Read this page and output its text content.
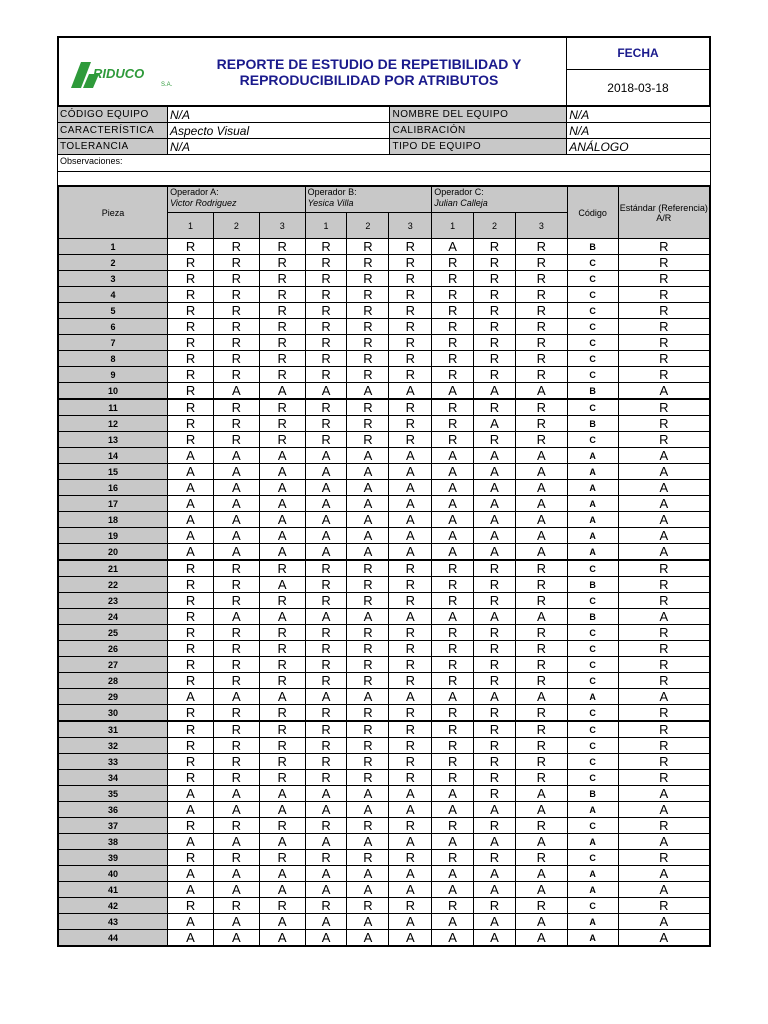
RIDUCO
S.A.
REPORTE DE ESTUDIO DE REPETIBILIDAD Y
REPRODUCIBILIDAD POR ATRIBUTOS
FECHA
2018-03-18
CÓDIGO EQUIPO	N/A	NOMBRE DEL EQUIPO	N/A
CARACTERÍSTICA	Aspecto Visual	CALIBRACIÓN	N/A
TOLERANCIA	N/A	TIPO DE EQUIPO	ANÁLOGO
Observaciones:
Pieza	Operador A:
Victor Rodriguez			Operador B:
Yesica Villa			Operador C:
Julian Calleja			Código	Estándar (Referencia) A/R
	1	2	3	1	2	3	1	2	3		
1	R	R	R	R	R	R	A	R	R	B	R
2	R	R	R	R	R	R	R	R	R	C	R
3	R	R	R	R	R	R	R	R	R	C	R
4	R	R	R	R	R	R	R	R	R	C	R
5	R	R	R	R	R	R	R	R	R	C	R
6	R	R	R	R	R	R	R	R	R	C	R
7	R	R	R	R	R	R	R	R	R	C	R
8	R	R	R	R	R	R	R	R	R	C	R
9	R	R	R	R	R	R	R	R	R	C	R
10	R	A	A	A	A	A	A	A	A	B	A
11	R	R	R	R	R	R	R	R	R	C	R
12	R	R	R	R	R	R	R	A	R	B	R
13	R	R	R	R	R	R	R	R	R	C	R
14	A	A	A	A	A	A	A	A	A	A	A
15	A	A	A	A	A	A	A	A	A	A	A
16	A	A	A	A	A	A	A	A	A	A	A
17	A	A	A	A	A	A	A	A	A	A	A
18	A	A	A	A	A	A	A	A	A	A	A
19	A	A	A	A	A	A	A	A	A	A	A
20	A	A	A	A	A	A	A	A	A	A	A
21	R	R	R	R	R	R	R	R	R	C	R
22	R	R	A	R	R	R	R	R	R	B	R
23	R	R	R	R	R	R	R	R	R	C	R
24	R	A	A	A	A	A	A	A	A	B	A
25	R	R	R	R	R	R	R	R	R	C	R
26	R	R	R	R	R	R	R	R	R	C	R
27	R	R	R	R	R	R	R	R	R	C	R
28	R	R	R	R	R	R	R	R	R	C	R
29	A	A	A	A	A	A	A	A	A	A	A
30	R	R	R	R	R	R	R	R	R	C	R
31	R	R	R	R	R	R	R	R	R	C	R
32	R	R	R	R	R	R	R	R	R	C	R
33	R	R	R	R	R	R	R	R	R	C	R
34	R	R	R	R	R	R	R	R	R	C	R
35	A	A	A	A	A	A	A	R	A	B	A
36	A	A	A	A	A	A	A	A	A	A	A
37	R	R	R	R	R	R	R	R	R	C	R
38	A	A	A	A	A	A	A	A	A	A	A
39	R	R	R	R	R	R	R	R	R	C	R
40	A	A	A	A	A	A	A	A	A	A	A
41	A	A	A	A	A	A	A	A	A	A	A
42	R	R	R	R	R	R	R	R	R	C	R
43	A	A	A	A	A	A	A	A	A	A	A
44	A	A	A	A	A	A	A	A	A	A	A
